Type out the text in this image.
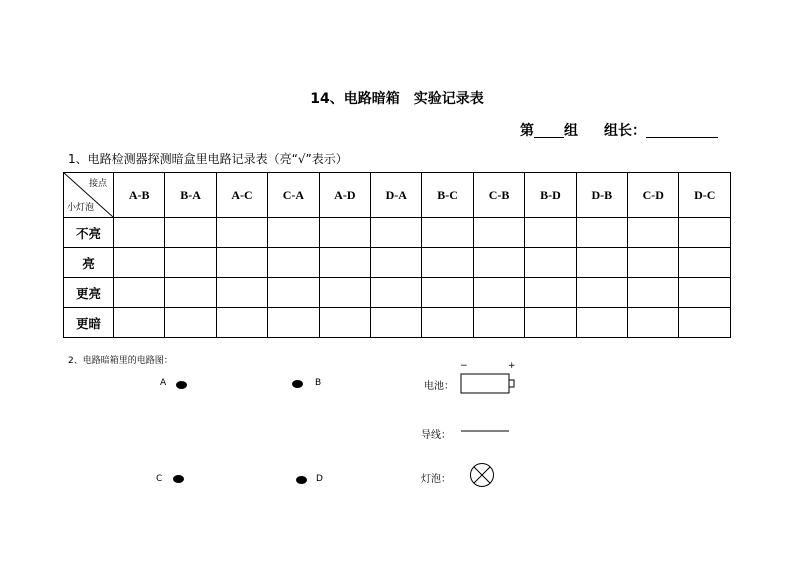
14、电路暗箱　实验记录表
第 组 组长：
1、电路检测器探测暗盒里电路记录表（亮“√”表示）
接点
小灯泡	A-B	B-A	A-C	C-A	A-D	D-A	B-C	C-B	B-D	D-B	C-D	D-C
不亮												
亮												
更亮												
更暗												
2、电路暗箱里的电路图：
A	B
C	D
电池：
−	+
导线：
灯泡：
